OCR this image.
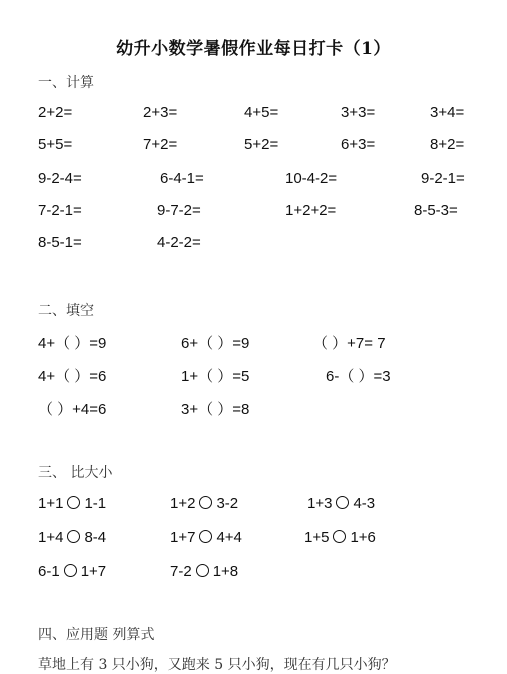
幼升小数学暑假作业每日打卡（1）
一、计算
2+2=	2+3=	4+5=	3+3=	3+4=
5+5=	7+2=	5+2=	6+3=	8+2=
9-2-4=	6-4-1=	10-4-2=	9-2-1=
7-2-1=	9-7-2=	1+2+2=	8-5-3=
8-5-1=	4-2-2=
二、填空
4+（ ）=9	6+（ ）=9	（ ）+7= 7
4+（ ）=6	1+（ ）=5	6-（ ）=3
（ ）+4=6	3+（ ）=8
三、 比大小
1+1 1-1	1+2 3-2	1+3 4-3
1+4 8-4	1+7 4+4	1+5 1+6
6-1 1+7	7-2 1+8
四、应用题 列算式
草地上有 3 只小狗，又跑来 5 只小狗，现在有几只小狗？
